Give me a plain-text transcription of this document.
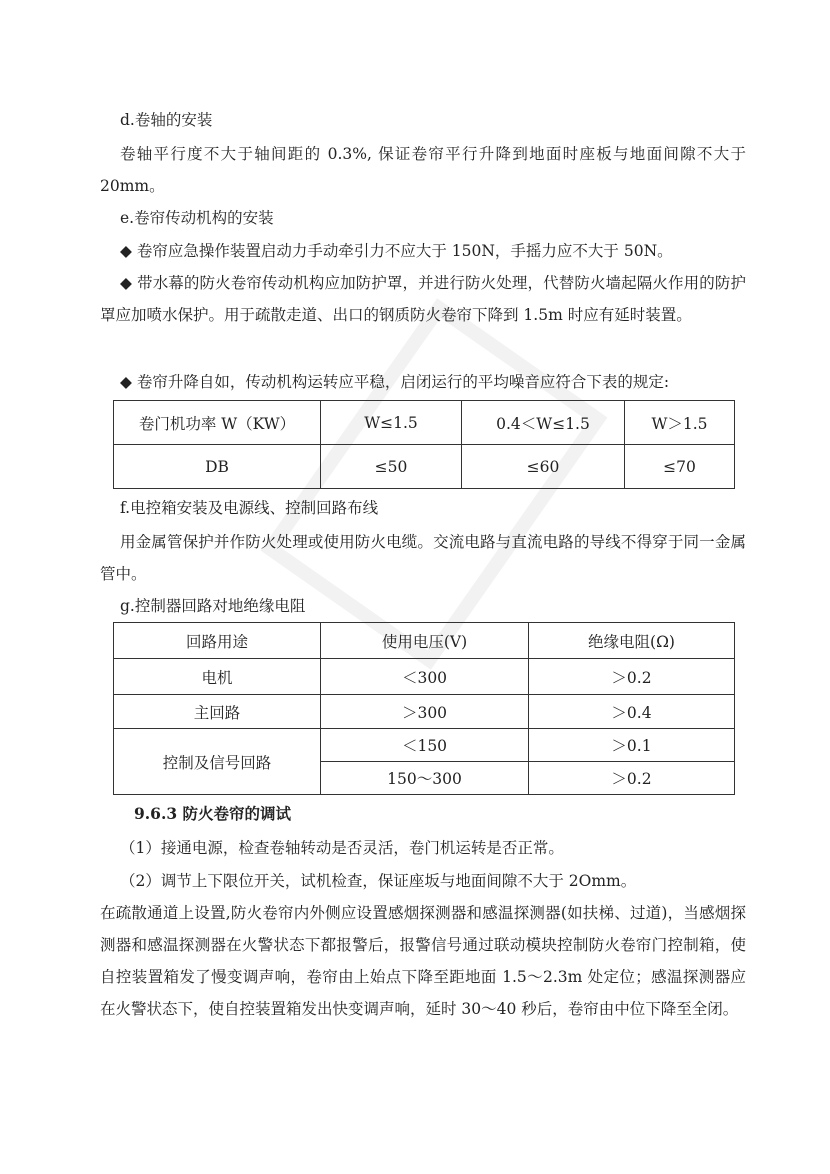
d.卷轴的安装
卷轴平行度不大于轴间距的 0.3%, 保证卷帘平行升降到地面时座板与地面间隙不大于 20mm。
e.卷帘传动机构的安装
◆ 卷帘应急操作装置启动力手动牵引力不应大于 150N，手摇力应不大于 50N。
◆ 带水幕的防火卷帘传动机构应加防护罩，并进行防火处理，代替防火墙起隔火作用的防护罩应加喷水保护。用于疏散走道、出口的钢质防火卷帘下降到 1.5m 时应有延时装置。
◆ 卷帘升降自如，传动机构运转应平稳，启闭运行的平均噪音应符合下表的规定:
卷门机功率 W（KW）	W≤1.5	0.4＜W≤1.5	W＞1.5
DB	≤50	≤60	≤70
f.电控箱安装及电源线、控制回路布线
用金属管保护并作防火处理或使用防火电缆。交流电路与直流电路的导线不得穿于同一金属管中。
g.控制器回路对地绝缘电阻
回路用途	使用电压(V)	绝缘电阻(Ω)
电机	＜300	＞0.2
主回路	＞300	＞0.4
控制及信号回路	＜150	＞0.1
	150～300	＞0.2
9.6.3 防火卷帘的调试
（1）接通电源，检查卷轴转动是否灵活，卷门机运转是否正常。
（2）调节上下限位开关，试机检查，保证座坂与地面间隙不大于 2Omm。
在疏散通道上设置,防火卷帘内外侧应设置感烟探测器和感温探测器(如扶梯、过道)，当感烟探测器和感温探测器在火警状态下都报警后，报警信号通过联动模块控制防火卷帘门控制箱，使自控装置箱发了慢变调声响，卷帘由上始点下降至距地面 1.5～2.3m 处定位；感温探测器应在火警状态下，使自控装置箱发出快变调声响，延时 30～40 秒后，卷帘由中位下降至全闭。
